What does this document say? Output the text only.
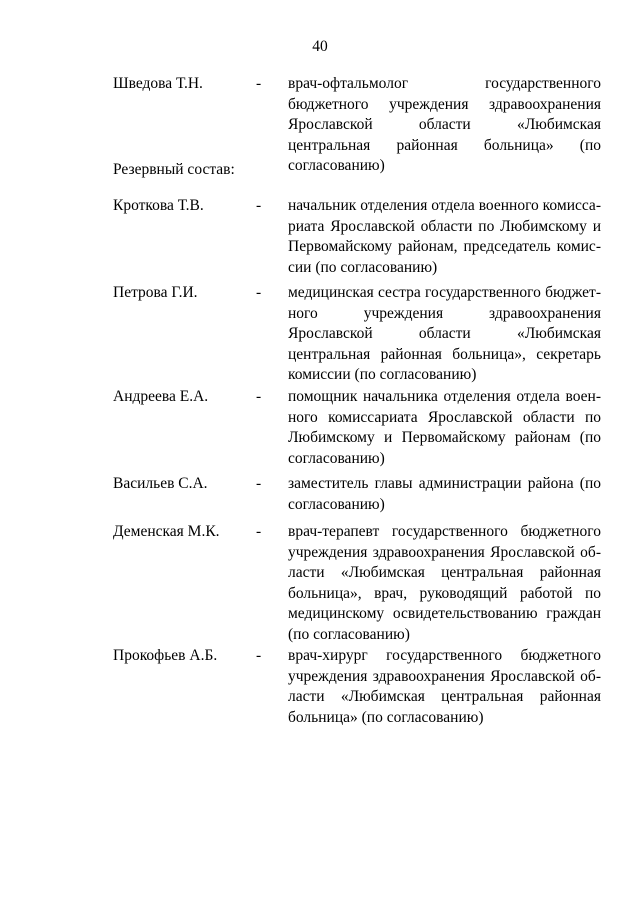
40
Шведова Т.Н.	- врач-офтальмолог государственного бюджетного учреждения здравоохранения Ярославской области «Любимская центральная районная больница» (по согласованию)
Резервный состав:
Кроткова Т.В.	- начальник отделения отдела военного комиссариата Ярославской области по Любимскому и Первомайскому районам, председатель комиссии (по согласованию)
Петрова Г.И.	- медицинская сестра государственного бюджетного учреждения здравоохранения Ярославской области «Любимская центральная районная больница», секретарь комиссии (по согласованию)
Андреева Е.А.	- помощник начальника отделения отдела военного комиссариата Ярославской области по Любимскому и Первомайскому районам (по согласованию)
Васильев С.А.	- заместитель главы администрации района (по согласованию)
Деменская М.К. - врач-терапевт государственного бюджетного учреждения здравоохранения Ярославской области «Любимская центральная районная больница», врач, руководящий работой по медицинскому освидетельствованию граждан (по согласованию)
Прокофьев А.Б.	- врач-хирург государственного бюджетного учреждения здравоохранения Ярославской области «Любимская центральная районная больница» (по согласованию)
